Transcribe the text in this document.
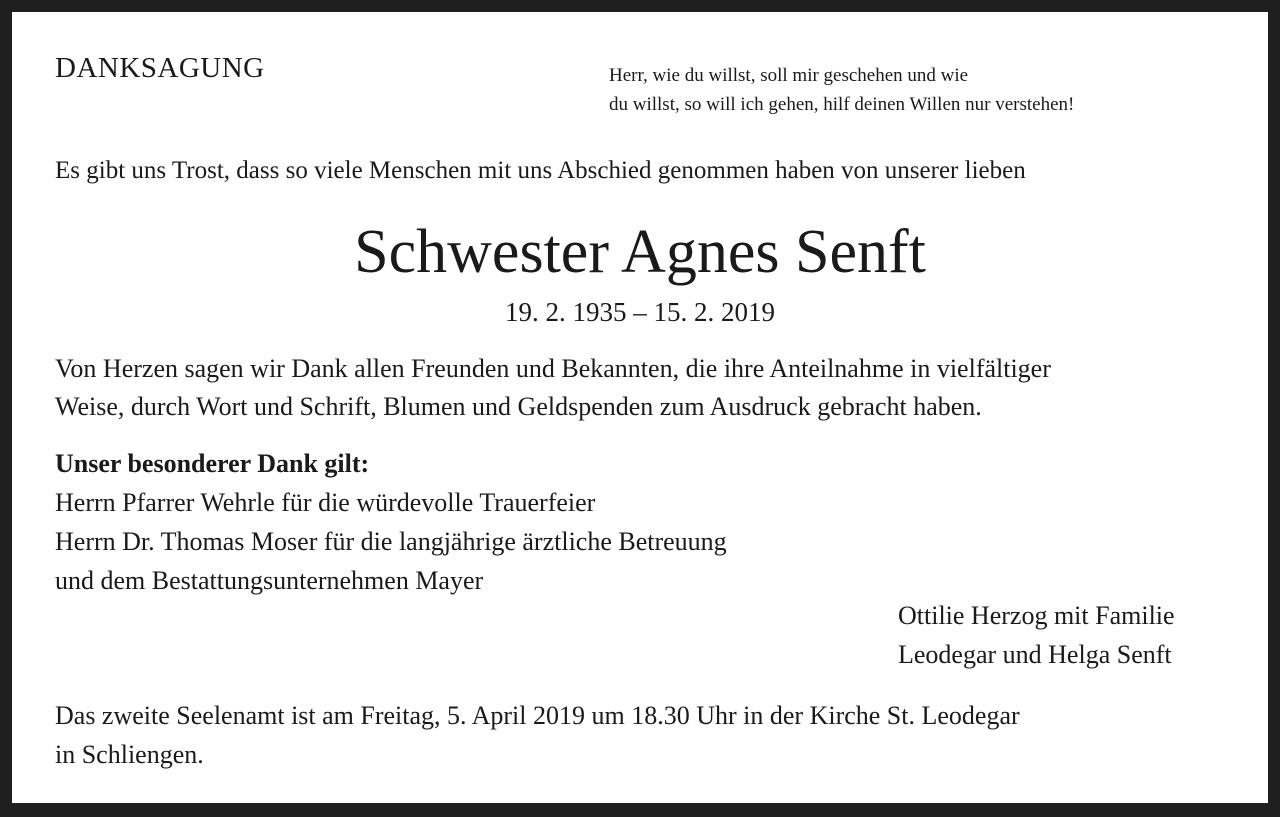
DANKSAGUNG	Herr, wie du willst, soll mir geschehen und wie
du willst, so will ich gehen, hilf deinen Willen nur verstehen!
Es gibt uns Trost, dass so viele Menschen mit uns Abschied genommen haben von unserer lieben
Schwester Agnes Senft
19. 2. 1935 – 15. 2. 2019
Von Herzen sagen wir Dank allen Freunden und Bekannten, die ihre Anteilnahme in vielfältiger
Weise, durch Wort und Schrift, Blumen und Geldspenden zum Ausdruck gebracht haben.
Unser besonderer Dank gilt:
Herrn Pfarrer Wehrle für die würdevolle Trauerfeier
Herrn Dr. Thomas Moser für die langjährige ärztliche Betreuung
und dem Bestattungsunternehmen Mayer
Ottilie Herzog mit Familie
Leodegar und Helga Senft
Das zweite Seelenamt ist am Freitag, 5. April 2019 um 18.30 Uhr in der Kirche St. Leodegar
in Schliengen.
